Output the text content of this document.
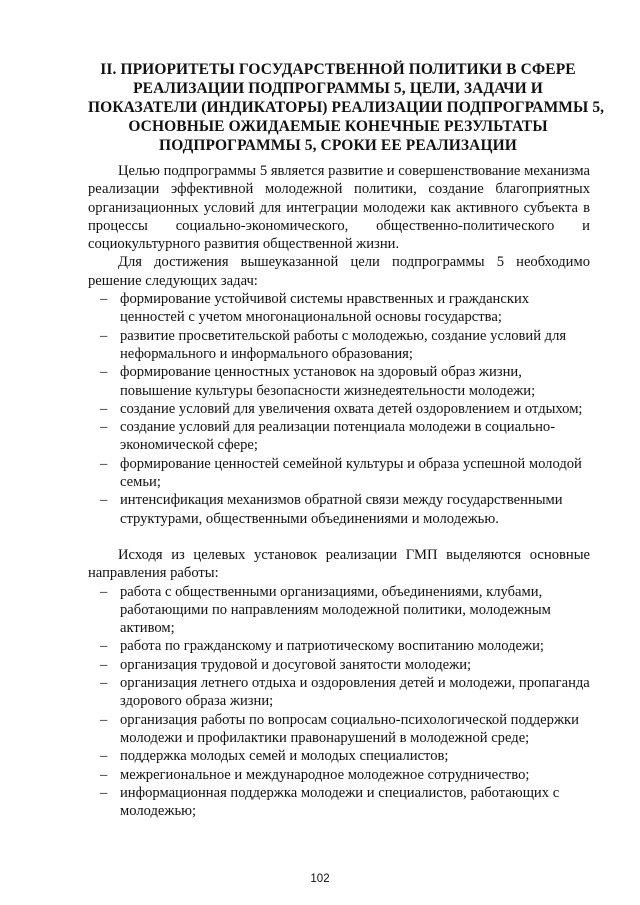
II. ПРИОРИТЕТЫ ГОСУДАРСТВЕННОЙ ПОЛИТИКИ В СФЕРЕ
РЕАЛИЗАЦИИ ПОДПРОГРАММЫ 5, ЦЕЛИ, ЗАДАЧИ И
ПОКАЗАТЕЛИ (ИНДИКАТОРЫ) РЕАЛИЗАЦИИ ПОДПРОГРАММЫ 5,
ОСНОВНЫЕ ОЖИДАЕМЫЕ КОНЕЧНЫЕ РЕЗУЛЬТАТЫ
ПОДПРОГРАММЫ 5, СРОКИ ЕЕ РЕАЛИЗАЦИИ

Целью подпрограммы 5 является развитие и совершенствование механизма реализации эффективной молодежной политики, создание благоприятных организационных условий для интеграции молодежи как активного субъекта в процессы социально-экономического, общественно-политического и социокультурного развития общественной жизни.

Для достижения вышеуказанной цели подпрограммы 5 необходимо решение следующих задач:

– формирование устойчивой системы нравственных и гражданских ценностей с учетом многонациональной основы государства;
– развитие просветительской работы с молодежью, создание условий для неформального и информального образования;
– формирование ценностных установок на здоровый образ жизни, повышение культуры безопасности жизнедеятельности молодежи;
– создание условий для увеличения охвата детей оздоровлением и отдыхом;
– создание условий для реализации потенциала молодежи в социально-экономической сфере;
– формирование ценностей семейной культуры и образа успешной молодой семьи;
– интенсификация механизмов обратной связи между государственными структурами, общественными объединениями и молодежью.

Исходя из целевых установок реализации ГМП выделяются основные направления работы:

– работа с общественными организациями, объединениями, клубами, работающими по направлениям молодежной политики, молодежным активом;
– работа по гражданскому и патриотическому воспитанию молодежи;
– организация трудовой и досуговой занятости молодежи;
– организация летнего отдыха и оздоровления детей и молодежи, пропаганда здорового образа жизни;
– организация работы по вопросам социально-психологической поддержки молодежи и профилактики правонарушений в молодежной среде;
– поддержка молодых семей и молодых специалистов;
– межрегиональное и международное молодежное сотрудничество;
– информационная поддержка молодежи и специалистов, работающих с молодежью;
102
